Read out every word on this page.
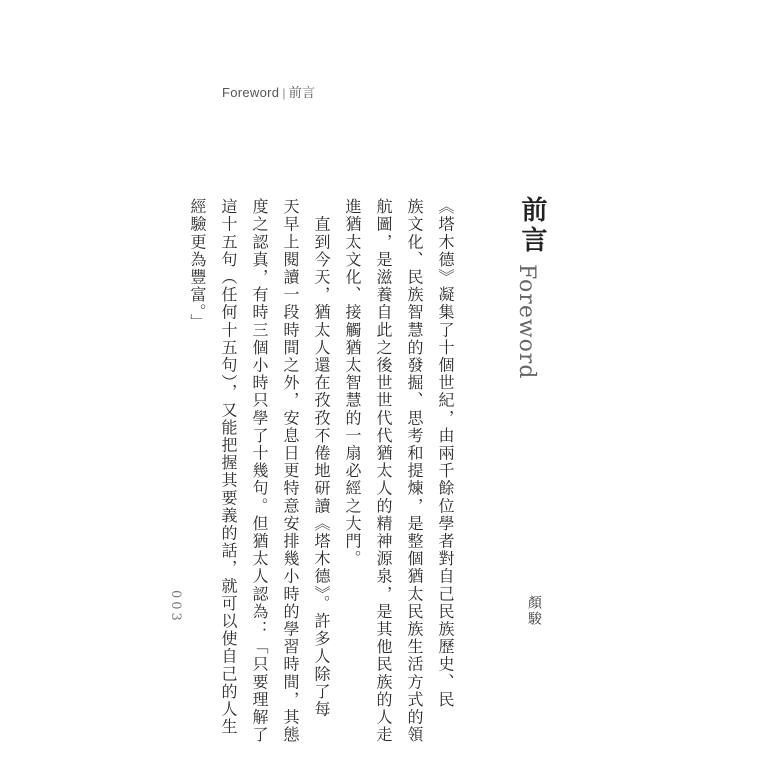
Foreword | 前言
前言
Foreword
顏駿
《塔木德》凝集了十個世紀，由兩千餘位學者對自己民族歷史、民
族文化、民族智慧的發掘、思考和提煉，是整個猶太民族生活方式的領
航圖，是滋養自此之後世世代代猶太人的精神源泉，是其他民族的人走
進猶太文化、接觸猶太智慧的一扇必經之大門。
　直到今天，猶太人還在孜孜不倦地研讀《塔木德》。許多人除了每
天早上閱讀一段時間之外，安息日更特意安排幾小時的學習時間，其態
度之認真，有時三個小時只學了十幾句。但猶太人認為：「只要理解了
這十五句（任何十五句），又能把握其要義的話，就可以使自己的人生
經驗更為豐富。」
003
